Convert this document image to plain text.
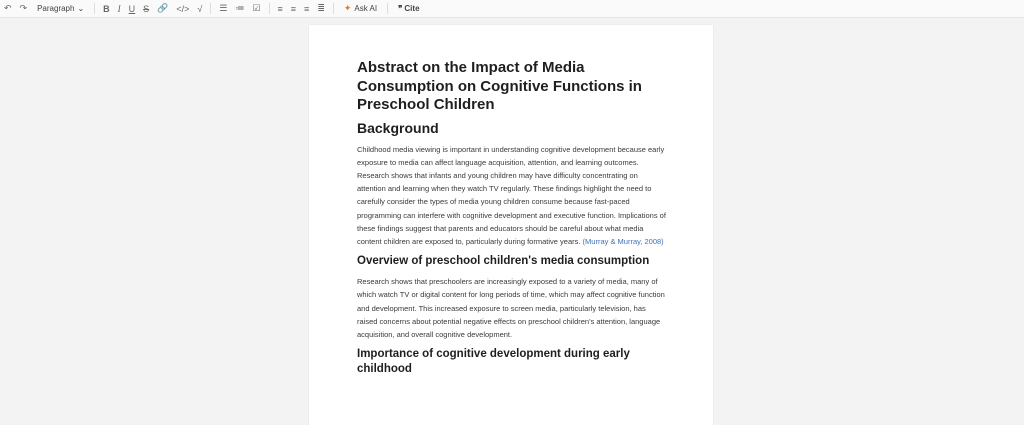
↶ ↷	Paragraph ⌄	B I U S 🔗 </> √	☰ ≔ ☑	≡ ≡ ≡ ≣	✦ Ask AI	❞ Cite
Abstract on the Impact of Media Consumption on Cognitive Functions in Preschool Children
Background

Childhood media viewing is important in understanding cognitive development because early exposure to media can affect language acquisition, attention, and learning outcomes. Research shows that infants and young children may have difficulty concentrating on attention and learning when they watch TV regularly. These findings highlight the need to carefully consider the types of media young children consume because fast-paced programming can interfere with cognitive development and executive function. Implications of these findings suggest that parents and educators should be careful about what media content children are exposed to, particularly during formative years. (Murray & Murray, 2008)

Overview of preschool children's media consumption

Research shows that preschoolers are increasingly exposed to a variety of media, many of which watch TV or digital content for long periods of time, which may affect cognitive function and development. This increased exposure to screen media, particularly television, has raised concerns about potential negative effects on preschool children's attention, language acquisition, and overall cognitive development.

Importance of cognitive development during early childhood
